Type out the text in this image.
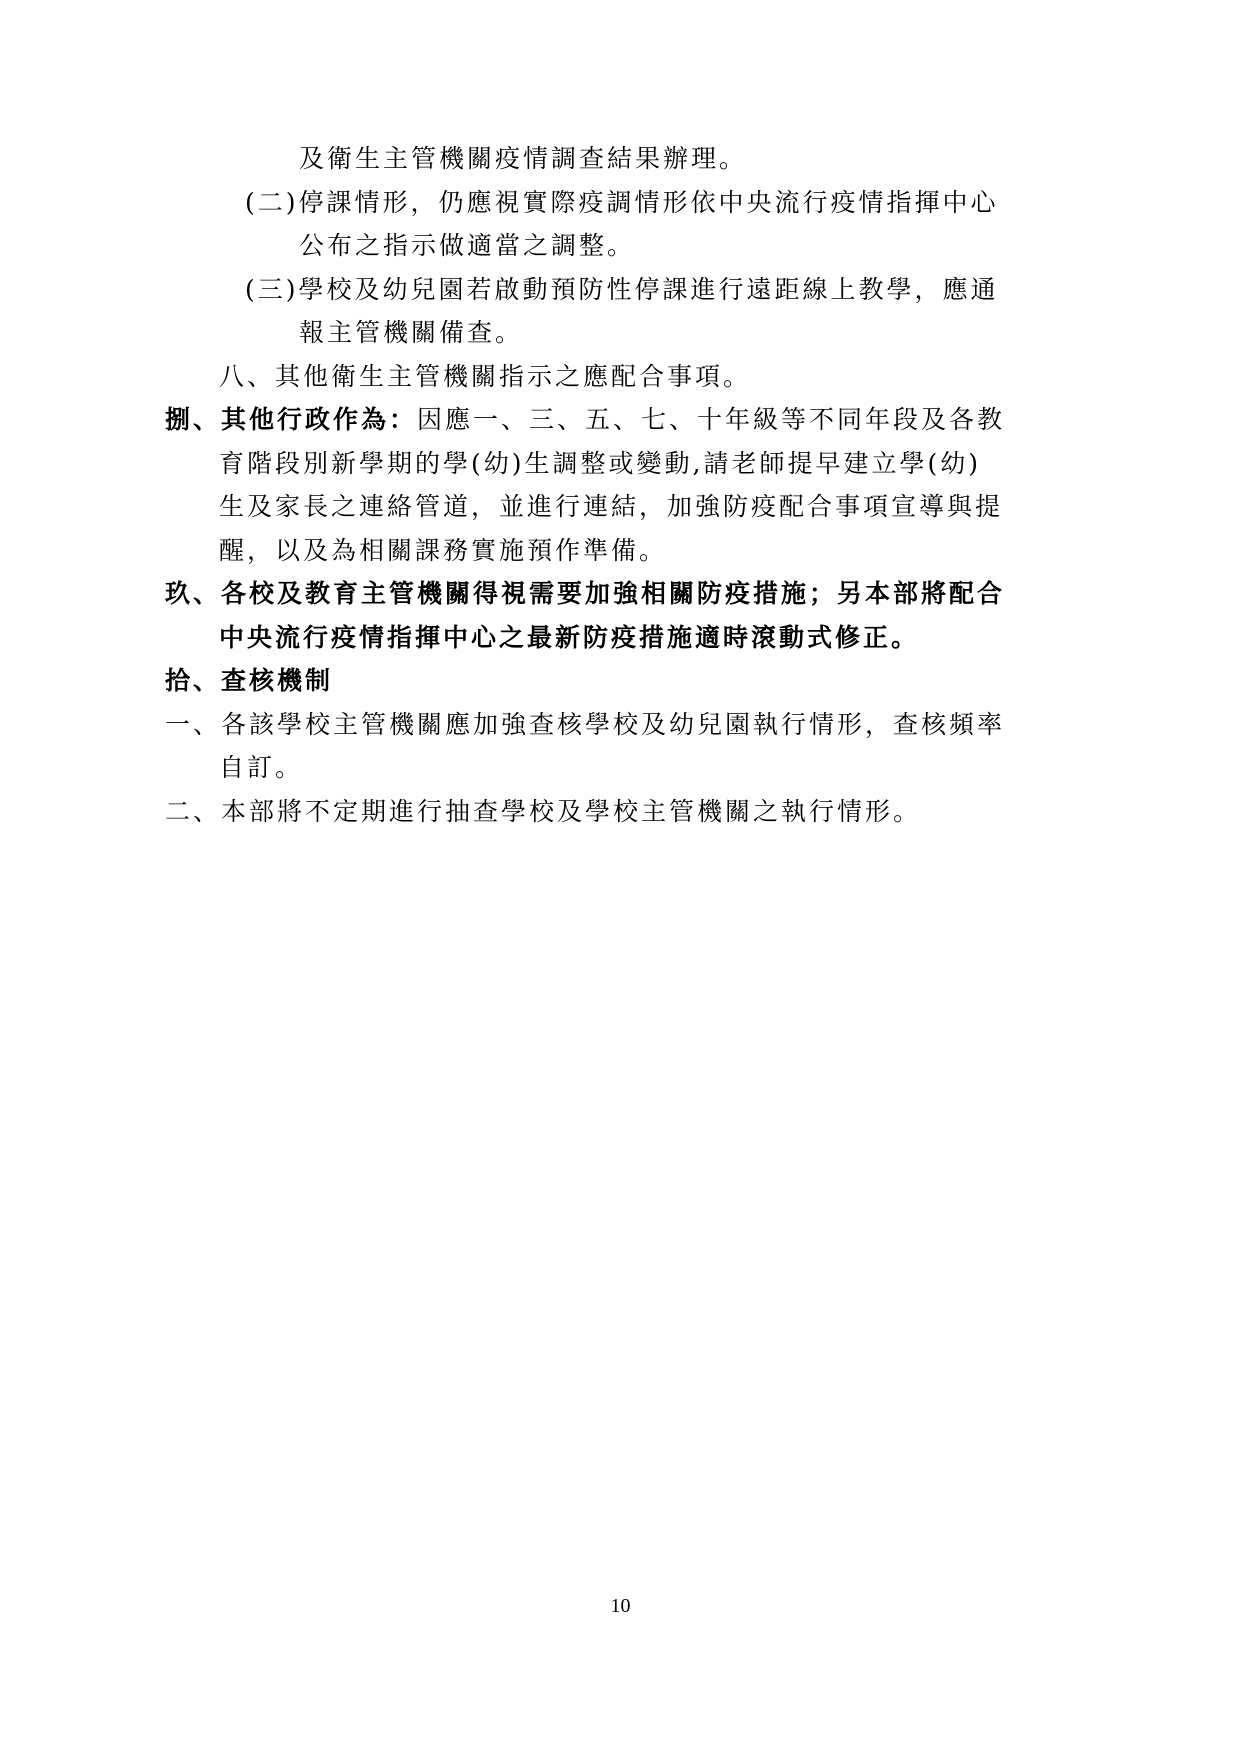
及衛生主管機關疫情調查結果辦理。
(二)停課情形，仍應視實際疫調情形依中央流行疫情指揮中心
公布之指示做適當之調整。
(三)學校及幼兒園若啟動預防性停課進行遠距線上教學，應通
報主管機關備查。
八、其他衛生主管機關指示之應配合事項。
捌、其他行政作為：因應一、三、五、七、十年級等不同年段及各教
育階段別新學期的學(幼)生調整或變動,請老師提早建立學(幼)
生及家長之連絡管道，並進行連結，加強防疫配合事項宣導與提
醒，以及為相關課務實施預作準備。
玖、各校及教育主管機關得視需要加強相關防疫措施；另本部將配合
中央流行疫情指揮中心之最新防疫措施適時滾動式修正。
拾、查核機制
一、各該學校主管機關應加強查核學校及幼兒園執行情形，查核頻率
自訂。
二、本部將不定期進行抽查學校及學校主管機關之執行情形。
10
